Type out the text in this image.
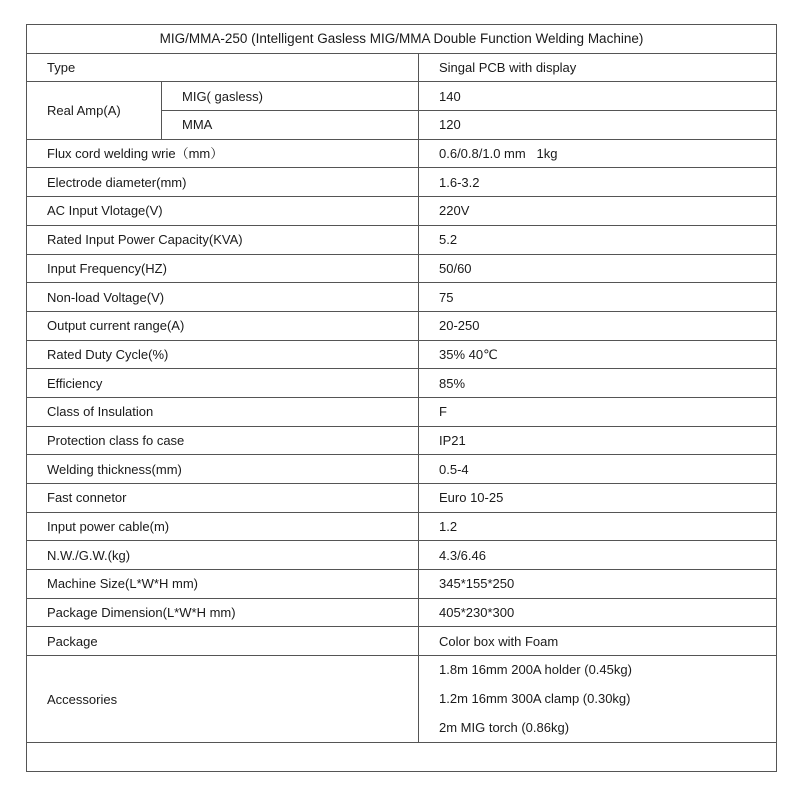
MIG/MMA-250 (Intelligent Gasless MIG/MMA Double Function Welding Machine)		
Type		Singal PCB with display
Real Amp(A)	MIG( gasless)	140
	MMA	120
Flux cord welding wrie（mm）		0.6/0.8/1.0 mm   1kg
Electrode diameter(mm)		1.6-3.2
AC Input Vlotage(V)		220V
Rated Input Power Capacity(KVA)		5.2
Input Frequency(HZ)		50/60
Non-load Voltage(V)		75
Output current range(A)		20-250
Rated Duty Cycle(%)		35% 40℃
Efficiency		85%
Class of Insulation		F
Protection class fo case		IP21
Welding thickness(mm)		0.5-4
Fast connetor		Euro 10-25
Input power cable(m)		1.2
N.W./G.W.(kg)		4.3/6.46
Machine Size(L*W*H mm)		345*155*250
Package Dimension(L*W*H mm)		405*230*300
Package		Color box with Foam
Accessories		1.8m 16mm 200A holder (0.45kg)
1.2m 16mm 300A clamp (0.30kg)
2m MIG torch (0.86kg)
